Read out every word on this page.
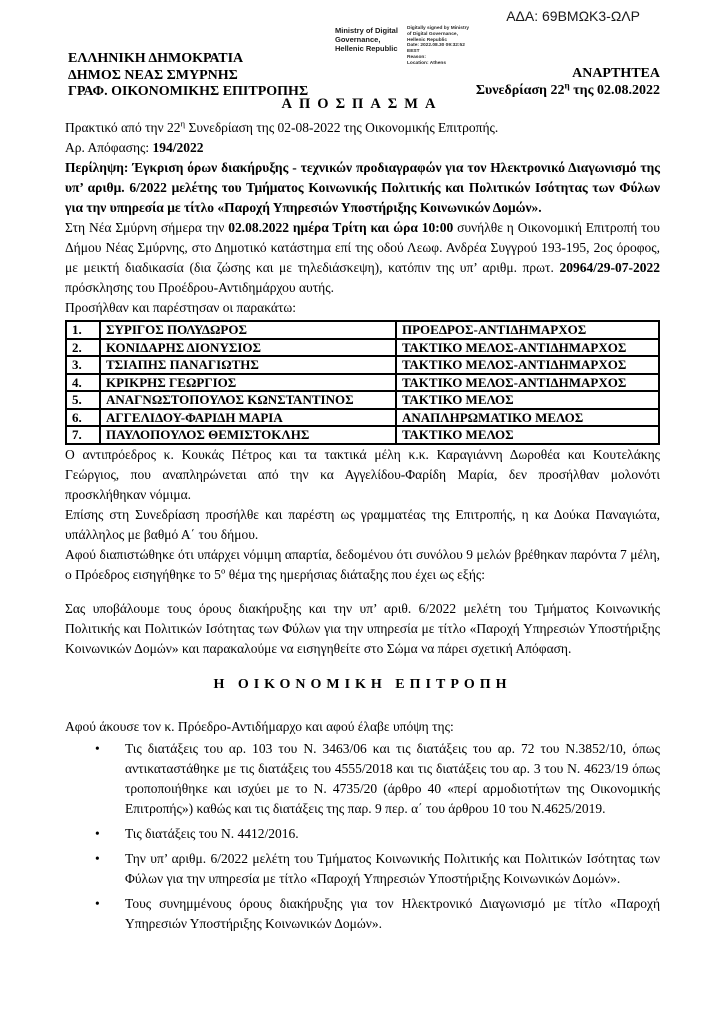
ΑΔΑ: 69ΒΜΩΚ3-ΩΛΡ
Ministry of Digital
Governance,
Hellenic Republic
Digitally signed by Ministry
of Digital Governance,
Hellenic Republic
Date: 2022.08.30 09:32:52
EEST
Reason:
Location: Athens
ΕΛΛΗΝΙΚΗ ΔΗΜΟΚΡΑΤΙΑ
ΔΗΜΟΣ ΝΕΑΣ ΣΜΥΡΝΗΣ
ΓΡΑΦ. ΟΙΚΟΝΟΜΙΚΗΣ ΕΠΙΤΡΟΠΗΣ
ΑΝΑΡΤΗΤΕΑ
Συνεδρίαση $22^\eta$ της 02.08.2022
ΑΠΟΣΠΑΣΜΑ

Πρακτικό από την $22^\eta$ Συνεδρίαση της 02-08-2022 της Οικονομικής Επιτροπής.

Αρ. Απόφασης: 194/2022

Περίληψη: Έγκριση όρων διακήρυξης - τεχνικών προδιαγραφών για τον Ηλεκτρονικό Διαγωνισμό της υπ’ αριθμ. 6/2022 μελέτης του Τμήματος Κοινωνικής Πολιτικής και Πολιτικών Ισότητας των Φύλων για την υπηρεσία με τίτλο «Παροχή Υπηρεσιών Υποστήριξης Κοινωνικών Δομών».

Στη Νέα Σμύρνη σήμερα την 02.08.2022 ημέρα Τρίτη και ώρα 10:00 συνήλθε η Οικονομική Επιτροπή του Δήμου Νέας Σμύρνης, στο Δημοτικό κατάστημα επί της οδού Λεωφ. Ανδρέα Συγγρού 193-195, 2ος όροφος, με μεικτή διαδικασία (δια ζώσης και με τηλεδιάσκεψη), κατόπιν της υπ’ αριθμ. πρωτ. 20964/29-07-2022 πρόσκλησης του Προέδρου-Αντιδημάρχου αυτής.

Προσήλθαν και παρέστησαν οι παρακάτω:

1.	ΣΥΡΙΓΟΣ ΠΟΛΥΔΩΡΟΣ	ΠΡΟΕΔΡΟΣ-ΑΝΤΙΔΗΜΑΡΧΟΣ
2.	ΚΟΝΙΔΑΡΗΣ ΔΙΟΝΥΣΙΟΣ	ΤΑΚΤΙΚΟ ΜΕΛΟΣ-ΑΝΤΙΔΗΜΑΡΧΟΣ
3.	ΤΣΙΑΠΗΣ ΠΑΝΑΓΙΩΤΗΣ	ΤΑΚΤΙΚΟ ΜΕΛΟΣ-ΑΝΤΙΔΗΜΑΡΧΟΣ
4.	ΚΡΙΚΡΗΣ ΓΕΩΡΓΙΟΣ	ΤΑΚΤΙΚΟ ΜΕΛΟΣ-ΑΝΤΙΔΗΜΑΡΧΟΣ
5.	ΑΝΑΓΝΩΣΤΟΠΟΥΛΟΣ ΚΩΝΣΤΑΝΤΙΝΟΣ	ΤΑΚΤΙΚΟ ΜΕΛΟΣ
6.	ΑΓΓΕΛΙΔΟΥ-ΦΑΡΙΔΗ ΜΑΡΙΑ	ΑΝΑΠΛΗΡΩΜΑΤΙΚΟ ΜΕΛΟΣ
7.	ΠΑΥΛΟΠΟΥΛΟΣ ΘΕΜΙΣΤΟΚΛΗΣ	ΤΑΚΤΙΚΟ ΜΕΛΟΣ

Ο αντιπρόεδρος κ. Κουκάς Πέτρος και τα τακτικά μέλη κ.κ. Καραγιάννη Δωροθέα και Κουτελάκης Γεώργιος, που αναπληρώνεται από την κα Αγγελίδου-Φαρίδη Μαρία, δεν προσήλθαν μολονότι προσκλήθηκαν νόμιμα.

Επίσης στη Συνεδρίαση προσήλθε και παρέστη ως γραμματέας της Επιτροπής, η κα Δούκα Παναγιώτα, υπάλληλος με βαθμό Α΄ του δήμου.

Αφού διαπιστώθηκε ότι υπάρχει νόμιμη απαρτία, δεδομένου ότι συνόλου 9 μελών βρέθηκαν παρόντα 7 μέλη, ο Πρόεδρος εισηγήθηκε το $5^o$ θέμα της ημερήσιας διάταξης που έχει ως εξής:

Σας υποβάλουμε τους όρους διακήρυξης και την υπ’ αριθ. 6/2022 μελέτη του Τμήματος Κοινωνικής Πολιτικής και Πολιτικών Ισότητας των Φύλων για την υπηρεσία με τίτλο «Παροχή Υπηρεσιών Υποστήριξης Κοινωνικών Δομών» και παρακαλούμε να εισηγηθείτε στο Σώμα να πάρει σχετική Απόφαση.

Η ΟΙΚΟΝΟΜΙΚΗ ΕΠΙΤΡΟΠΗ

Αφού άκουσε τον κ. Πρόεδρο-Αντιδήμαρχο και αφού έλαβε υπόψη της:

• Τις διατάξεις του αρ. 103 του Ν. 3463/06 και τις διατάξεις του αρ. 72 του Ν.3852/10, όπως αντικαταστάθηκε με τις διατάξεις του 4555/2018 και τις διατάξεις του αρ. 3 του Ν. 4623/19 όπως τροποποιήθηκε και ισχύει με το Ν. 4735/20 (άρθρο 40 «περί αρμοδιοτήτων της Οικονομικής Επιτροπής») καθώς και τις διατάξεις της παρ. 9 περ. α΄ του άρθρου 10 του Ν.4625/2019.
• Τις διατάξεις του Ν. 4412/2016.
• Την υπ’ αριθμ. 6/2022 μελέτη του Τμήματος Κοινωνικής Πολιτικής και Πολιτικών Ισότητας των Φύλων για την υπηρεσία με τίτλο «Παροχή Υπηρεσιών Υποστήριξης Κοινωνικών Δομών».
• Τους συνημμένους όρους διακήρυξης για τον Ηλεκτρονικό Διαγωνισμό με τίτλο «Παροχή Υπηρεσιών Υποστήριξης Κοινωνικών Δομών».
